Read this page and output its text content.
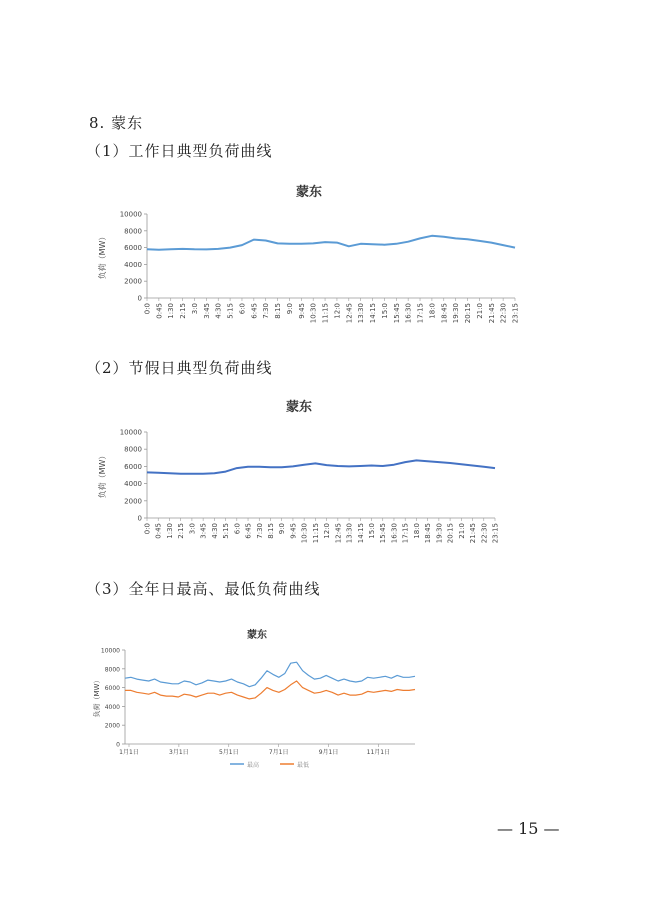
8. 蒙东
（1）工作日典型负荷曲线
（2）节假日典型负荷曲线
（3）全年日最高、最低负荷曲线
蒙东
0
2000
4000
6000
8000
10000
负荷（MW）
0:0 0:45 1:30 2:15 3:0 3:45 4:30 5:15 6:0 6:45 7:30 8:15 9:0 9:45 10:30 11:15 12:0 12:45 13:30 14:15 15:0 15:45 16:30 17:15 18:0 18:45 19:30 20:15 21:0 21:45 22:30 23:15
蒙东
0
2000
4000
6000
8000
10000
负荷（MW）
0:0 0:45 1:30 2:15 3:0 3:45 4:30 5:15 6:0 6:45 7:30 8:15 9:0 9:45 10:30 11:15 12:0 12:45 13:30 14:15 15:0 15:45 16:30 17:15 18:0 18:45 19:30 20:15 21:0 21:45 22:30 23:15
蒙东
0
2000
4000
6000
8000
10000
负荷（MW）
1月1日	3月1日	5月1日	7月1日	9月1日	11月1日
最高	最低
— 15 —
